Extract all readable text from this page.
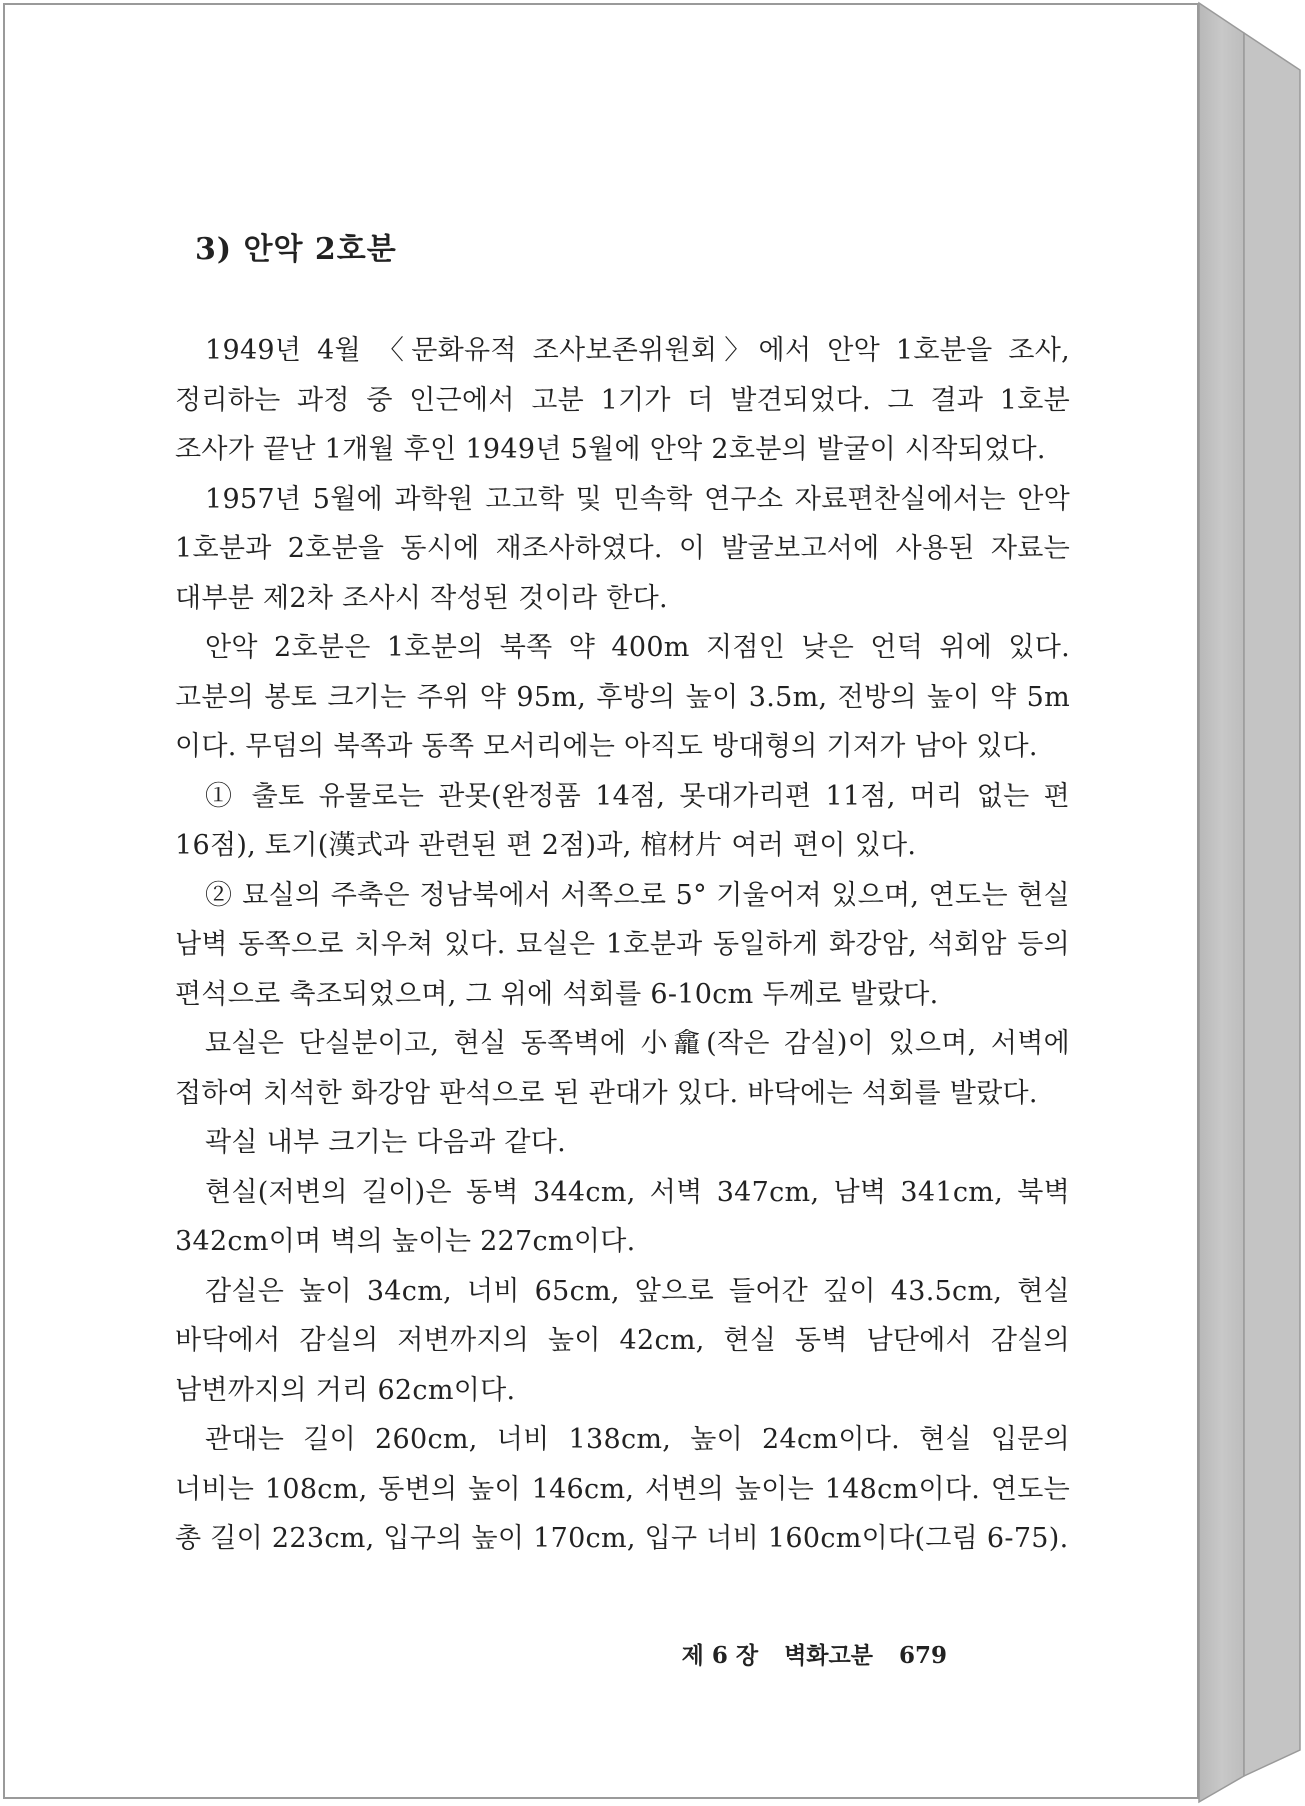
3) 안악 2호분

1949년 4월 〈문화유적 조사보존위원회〉에서 안악 1호분을 조사, 정리하는 과정 중 인근에서 고분 1기가 더 발견되었다. 그 결과 1호분 조사가 끝난 1개월 후인 1949년 5월에 안악 2호분의 발굴이 시작되었다.

1957년 5월에 과학원 고고학 및 민속학 연구소 자료편찬실에서는 안악 1호분과 2호분을 동시에 재조사하였다. 이 발굴보고서에 사용된 자료는 대부분 제2차 조사시 작성된 것이라 한다.

안악 2호분은 1호분의 북쪽 약 400m 지점인 낮은 언덕 위에 있다. 고분의 봉토 크기는 주위 약 95m, 후방의 높이 3.5m, 전방의 높이 약 5m 이다. 무덤의 북쪽과 동쪽 모서리에는 아직도 방대형의 기저가 남아 있다.

① 출토 유물로는 관못(완정품 14점, 못대가리편 11점, 머리 없는 편 16점), 토기(漢式과 관련된 편 2점)과, 棺材片 여러 편이 있다.

② 묘실의 주축은 정남북에서 서쪽으로 5° 기울어져 있으며, 연도는 현실 남벽 동쪽으로 치우쳐 있다. 묘실은 1호분과 동일하게 화강암, 석회암 등의 편석으로 축조되었으며, 그 위에 석회를 6-10cm 두께로 발랐다.

묘실은 단실분이고, 현실 동쪽벽에 小龕(작은 감실)이 있으며, 서벽에 접하여 치석한 화강암 판석으로 된 관대가 있다. 바닥에는 석회를 발랐다.

곽실 내부 크기는 다음과 같다.

현실(저변의 길이)은 동벽 344cm, 서벽 347cm, 남벽 341cm, 북벽 342cm이며 벽의 높이는 227cm이다.

감실은 높이 34cm, 너비 65cm, 앞으로 들어간 깊이 43.5cm, 현실 바닥에서 감실의 저변까지의 높이 42cm, 현실 동벽 남단에서 감실의 남변까지의 거리 62cm이다.

관대는 길이 260cm, 너비 138cm, 높이 24cm이다. 현실 입문의 너비는 108cm, 동변의 높이 146cm, 서변의 높이는 148cm이다. 연도는 총 길이 223cm, 입구의 높이 170cm, 입구 너비 160cm이다(그림 6-75).

제 6 장 벽화고분 679
